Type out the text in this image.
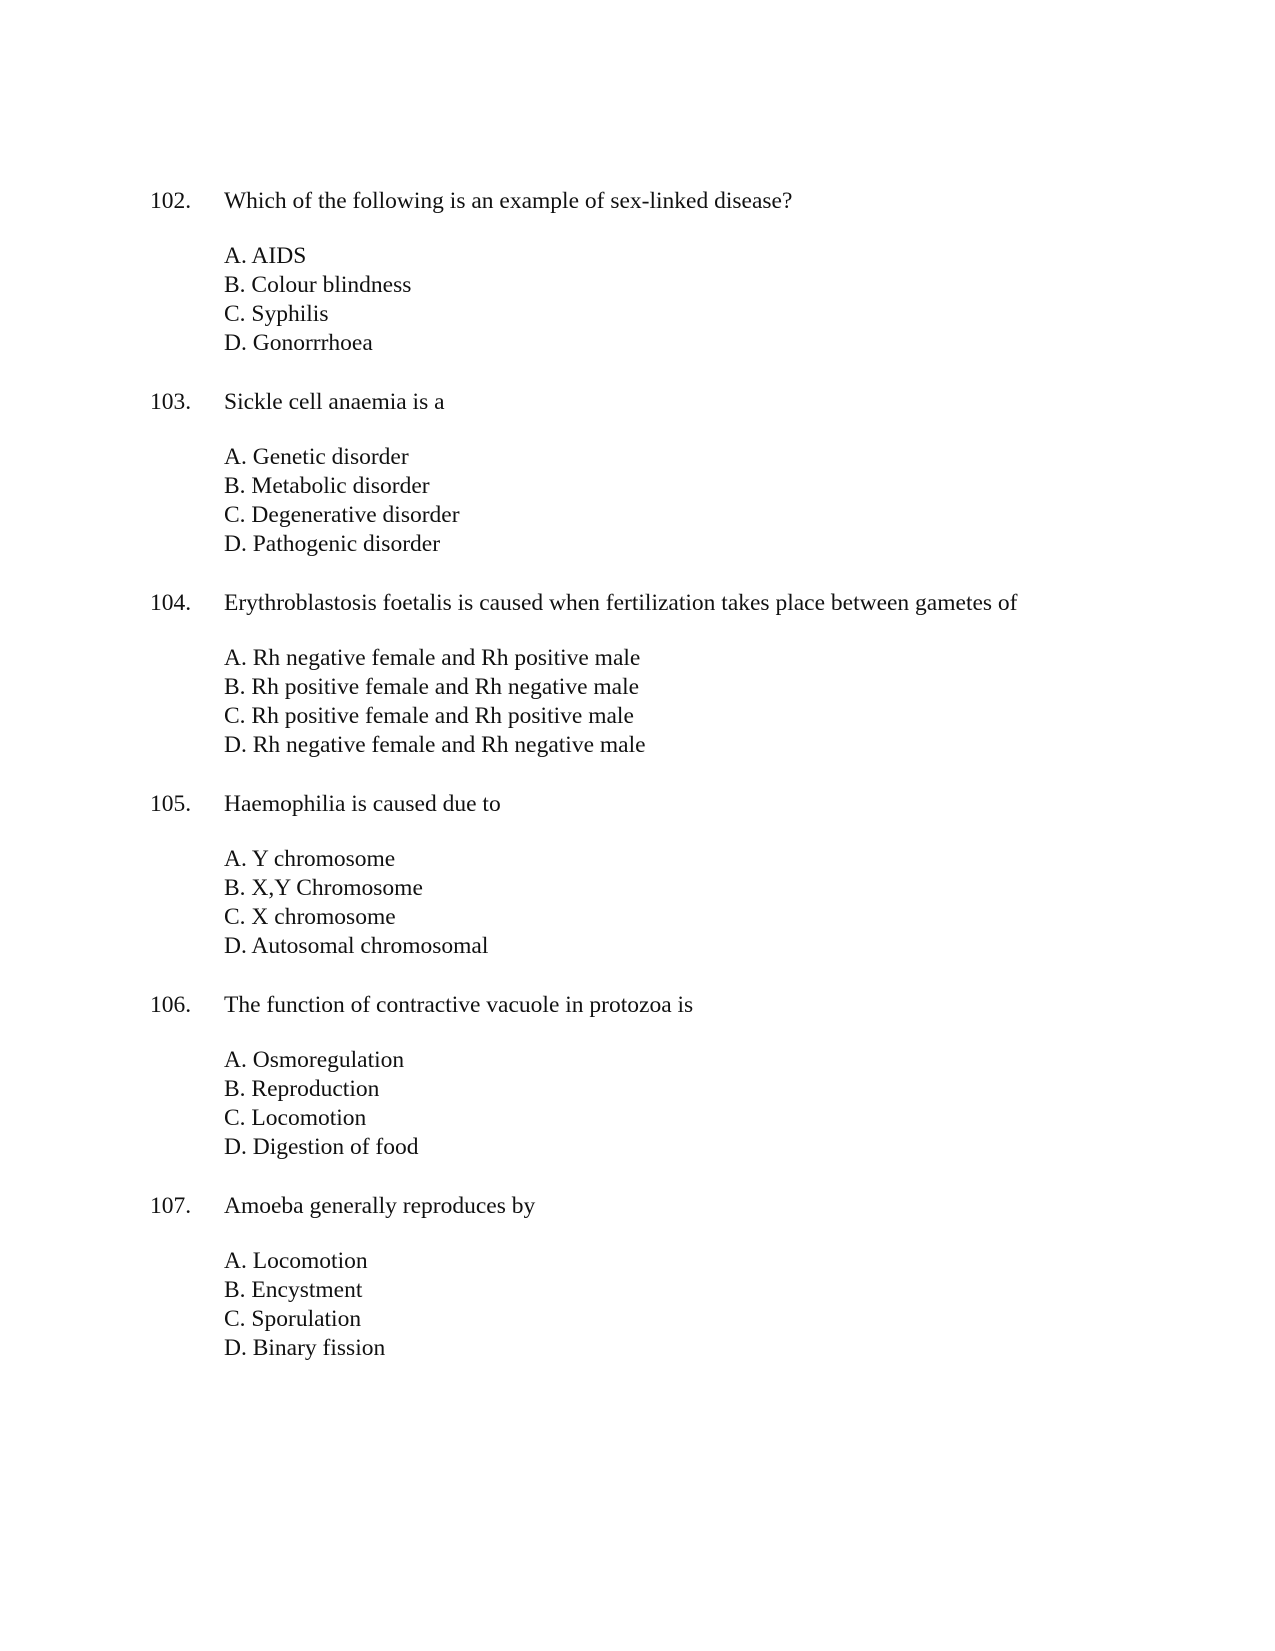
102. Which of the following is an example of sex-linked disease?
A. AIDS
B. Colour blindness
C. Syphilis
D. Gonorrrhoea
103. Sickle cell anaemia is a
A. Genetic disorder
B. Metabolic disorder
C. Degenerative disorder
D. Pathogenic disorder
104. Erythroblastosis foetalis is caused when fertilization takes place between gametes of
A. Rh negative female and Rh positive male
B. Rh positive female and Rh negative male
C. Rh positive female and Rh positive male
D. Rh negative female and Rh negative male
105. Haemophilia is caused due to
A. Y chromosome
B. X,Y Chromosome
C. X chromosome
D. Autosomal chromosomal
106. The function of contractive vacuole in protozoa is
A. Osmoregulation
B. Reproduction
C. Locomotion
D. Digestion of food
107. Amoeba generally reproduces by
A. Locomotion
B. Encystment
C. Sporulation
D. Binary fission
